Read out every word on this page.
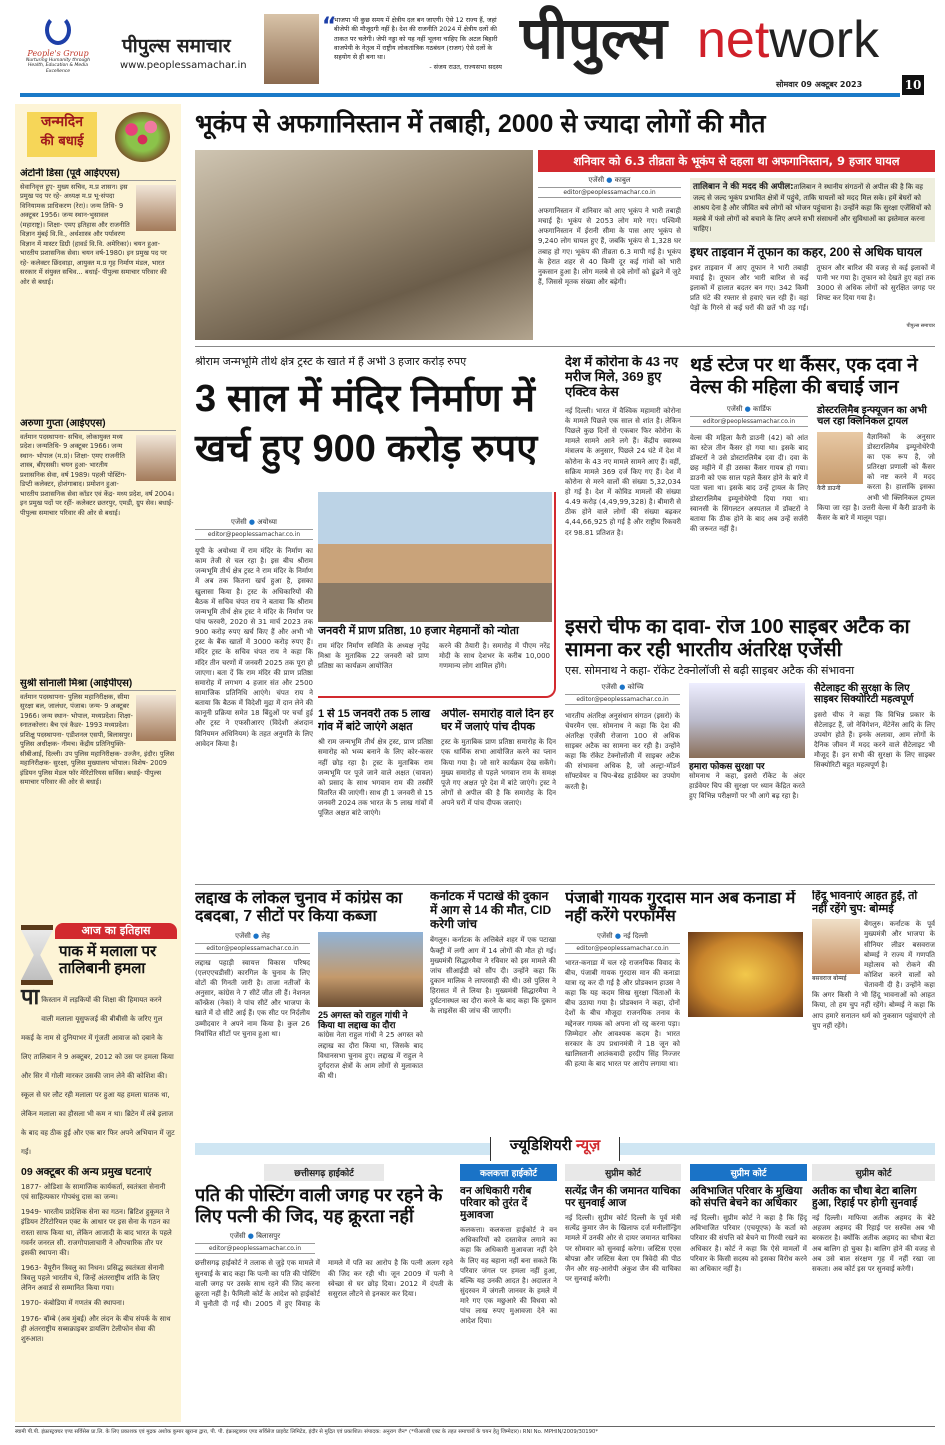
People's Group
Nurturing Humanity through Health, Education & Media Excellence
पीपुल्स समाचार
www.peoplessamachar.in
“
भाजपा भी कुछ समय में क्षेत्रीय दल बन जाएगी। ऐसे 12 राज्य हैं, जहां बीजेपी की मौजूदगी नहीं है। देश की राजनीति 2024 में क्षेत्रीय दलों की ताकत पर चलेगी। जेपी नड्डा को यह नहीं भूलना चाहिए कि अटल बिहारी वाजपेयी के नेतृत्व में राष्ट्रीय लोकतांत्रिक गठबंधन (राजग) ऐसे दलों के सहयोग से ही बना था।
- संजय राउत, राज्यसभा सदस्य पीपुल्स network
सोमवार 09 अक्टूबर 2023	10
जन्मदिन
की बधाई
अंटोनी डिसा (पूर्व आईएएस)
सेवानिवृत्त हुए- मुख्य सचिव, म.प्र शासन। इस प्रमुख पद पर रहे- अध्यक्ष म.प्र भू-संपदा विनियामक प्राधिकरण (रेरा)। जन्म तिथि- 9 अक्टूबर 1956। जन्म स्थान-भुसावल (महाराष्ट्र)। शिक्षा- एमए इतिहास और राजनीति विज्ञान मुंबई वि.वि., अर्थशास्त्र और पर्यावरण विज्ञान में मास्टर डिग्री (हावर्ड वि.वि. अमेरिका)। चयन हुआ-भारतीय प्रशासनिक सेवा। चयन वर्ष-1980। इन प्रमुख पद पर रहे- कलेक्टर छिंदवाड़ा, आयुक्त म.प्र गृह निर्माण मंडल, भारत सरकार में संयुक्त सचिव... बधाई- पीपुल्स समाचार परिवार की ओर से बधाई।
अरुणा गुप्ता (आईएएस)
वर्तमान पदस्थापना- सचिव, लोकायुक्त मध्य प्रदेश। जन्मतिथि- 9 अक्टूबर 1966। जन्म स्थान- भोपाल (म.प्र)। शिक्षा- एमए राजनीति शास्त्र, बीएससी। चयन हुआ- भारतीय प्रशासनिक सेवा, वर्ष 1989। पहली पोस्टिंग- डिप्टी कलेक्टर, होशंगाबाद। प्रमोशन हुआ- भारतीय प्रशासनिक सेवा कॉडर एवं केंद्र- मध्य प्रदेश, वर्ष 2004। इन प्रमुख पदों पर रहीं- कलेक्टर छतरपुर, एमडी, ग्रुप सेव। बधाई- पीपुल्स समाचार परिवार की ओर से बधाई।
सुश्री सोनाली मिश्रा (आईपीएस)
वर्तमान पदस्थापना- पुलिस महानिरीक्षक, सीमा सुरक्षा बल, जालंधर, पंजाब। जन्म- 9 अक्टूबर 1966। जन्म स्थान- भोपाल, मध्यप्रदेश। शिक्षा- स्नातकोत्तर। बैच एवं कैडर- 1993 मध्यप्रदेश। प्रशिक्षु पदस्थापना- एडीशनल एसपी, बिलासपुर। पुलिस अधीक्षक- नीमच। केंद्रीय प्रतिनियुक्ति- सीबीआई, दिल्ली। उप पुलिस महानिरीक्षक- उज्जैन, इंदौर। पुलिस महानिरीक्षक- सुरक्षा, पुलिस मुख्यालय भोपाल। विशेष- 2009 इंडियन पुलिस मेडल फॉर मेरिटोरियस सर्विस। बधाई- पीपुल्स समाचार परिवार की ओर से बधाई।
आज का इतिहास
पाक में मलाला पर तालिबानी हमला
पा किस्तान में लड़कियों की शिक्षा की हिमायत करने वाली मलाला यूसुफजई की बीबीसी के जरिए गुल मकई के नाम से दुनियाभर में गूंजती आवाज को दबाने के लिए तालिबान ने 9 अक्टूबर, 2012 को उस पर हमला किया और सिर में गोली मारकर उसकी जान लेने की कोशिश की। स्कूल से घर लौट रही मलाला पर हुआ यह हमला घातक था, लेकिन मलाला का हौसला भी कम न था। ब्रिटेन में लंबे इलाज के बाद वह ठीक हुई और एक बार फिर अपने अभियान में जुट गईं।
09 अक्टूबर की अन्य प्रमुख घटनाएं
1877- ओडिशा के सामाजिक कार्यकर्ता, स्वतंत्रता सेनानी एवं साहित्यकार गोपबंधु दास का जन्म।
1949- भारतीय प्रादेशिक सेना का गठन। ब्रिटिश हुकूमत ने इंडियन टेरिटोरियल एक्ट के आधार पर इस सेना के गठन का रास्ता साफ किया था, लेकिन आजादी के बाद भारत के पहले गवर्नर जनरल सी. राजगोपालाचारी ने औपचारिक तौर पर इसकी स्थापना की।
1963- वैयूरीन त्रिवलु का निधन। प्रसिद्ध स्वतंत्रता सेनानी त्रिवलु पहले भारतीय थे, जिन्हें अंतरराष्ट्रीय शांति के लिए लेनिन अवार्ड से सम्मानित किया गया।
1970- कंबोडिया में गणतंत्र की स्थापना।
1976- बॉम्बे (अब मुंबई) और लंदन के बीच संपर्क के साथ ही अंतरराष्ट्रीय सब्सक्राइबर डायलिंग टेलीफोन सेवा की शुरुआत।
भूकंप से अफगानिस्तान में तबाही, 2000 से ज्यादा लोगों की मौत
शनिवार को 6.3 तीव्रता के भूकंप से दहला था अफगानिस्तान, 9 हजार घायल
एजेंसी ● काबुल
editor@peoplessamachar.co.in
अफगानिस्तान में शनिवार को आए भूकंप ने भारी तबाही मचाई है। भूकंप से 2053 लोग मारे गए। पश्चिमी अफगानिस्तान में ईरानी सीमा के पास आए भूकंप से 9,240 लोग घायल हुए हैं, जबकि भूकंप से 1,328 घर तबाह हो गए। भूकंप की तीव्रता 6.3 मापी गई है। भूकंप के हेरात शहर से 40 किमी दूर कई गांवों को भारी नुकसान हुआ है। लोग मलबे से दबे लोगों को ढूंढने में जुटे हैं, जिससे मृतक संख्या और बढ़ेगी।
तालिबान ने की मदद की अपील:तालिबान ने स्थानीय संगठनों से अपील की है कि वह जल्द से जल्द भूकंप प्रभावित क्षेत्रों में पहुंचे, ताकि घायलों को मदद मिल सके। हमें बेघरों को आश्रय देना है और जीवित बचे लोगों को भोजन पहुंचाना है। उन्होंने कहा कि सुरक्षा एजेंसियों को मलबे में फंसे लोगों को बचाने के लिए अपने सभी संसाधनों और सुविधाओं का इस्तेमाल करना चाहिए।
इधर ताइवान में तूफान का कहर, 200 से अधिक घायल
इधर ताइवान में आए तूफान ने भारी तबाही मचाई है। तूफान और भारी बारिश से कई इलाकों में हालात बदतर बन गए। 342 किमी प्रति घंटे की रफ्तार से हवाएं चल रही हैं। वहां पेड़ों के गिरने से कई घरों की छतें भी उड़ गईं। तूफान और बारिश की वजह से कई इलाकों में पानी भर गया है। तूफान को देखते हुए वहां तक 3000 से अधिक लोगों को सुरक्षित जगह पर शिफ्ट कर दिया गया है।
पीपुल्स समाचार
श्रीराम जन्मभूमि तीर्थ क्षेत्र ट्रस्ट के खाते में हैं अभी 3 हजार करोड़ रुपए
3 साल में मंदिर निर्माण में
खर्च हुए 900 करोड़ रुपए
एजेंसी ● अयोध्या
editor@peoplessamachar.co.in
यूपी के अयोध्या में राम मंदिर के निर्माण का काम तेजी से चल रहा है। इस बीच श्रीराम जन्मभूमि तीर्थ क्षेत्र ट्रस्ट ने राम मंदिर के निर्माण में अब तक कितना खर्च हुआ है, इसका खुलासा किया है। ट्रस्ट के अधिकारियों की बैठक में सचिव चंपत राय ने बताया कि श्रीराम जन्मभूमि तीर्थ क्षेत्र ट्रस्ट ने मंदिर के निर्माण पर पांच फरवरी, 2020 से 31 मार्च 2023 तक 900 करोड़ रुपए खर्च किए हैं और अभी भी ट्रस्ट के बैंक खातों में 3000 करोड़ रुपए हैं। मंदिर ट्रस्ट के सचिव चंपत राय ने कहा कि मंदिर तीन चरणों में जनवरी 2025 तक पूरा हो जाएगा। बता दें कि राम मंदिर की प्राण प्रतिष्ठा समारोह में लगभग 4 हजार संत और 2500 सामाजिक प्रतिनिधि आएंगे। चंपत राय ने बताया कि बैठक में विदेशी मुद्रा में दान लेने की कानूनी प्रक्रिया समेत 18 बिंदुओं पर चर्चा हुई और ट्रस्ट ने एफसीआरए (विदेशी अंशदान विनियमन अधिनियम) के तहत अनुमति के लिए आवेदन किया है।
जनवरी में प्राण प्रतिष्ठा, 10 हजार मेहमानों को न्योता
राम मंदिर निर्माण समिति के अध्यक्ष नृपेंद्र मिश्रा के मुताबिक 22 जनवरी को प्राण प्रतिष्ठा का कार्यक्रम आयोजित
करने की तैयारी है। समारोह में पीएम नरेंद्र मोदी के साथ देशभर के करीब 10,000 गणमान्य लोग शामिल होंगे।
1 से 15 जनवरी तक 5 लाख गांव में बांटे जाएंगे अक्षत
श्री राम जन्मभूमि तीर्थ क्षेत्र ट्रस्ट, प्राण प्रतिष्ठा समारोह को भव्य बनाने के लिए कोर-कसर नहीं छोड़ रहा है। ट्रस्ट के मुताबिक राम जन्मभूमि पर पूजे जाने वाले अक्षत (चावल) को प्रसाद के साथ भगवान राम की तस्वीरें वितरित की जाएंगी। साथ ही 1 जनवरी से 15 जनवरी 2024 तक भारत के 5 लाख गांवों में पूजित अक्षत बांटे जाएंगे।
अपील- समारोह वाले दिन हर घर में जलाएं पांच दीपक
ट्रस्ट के मुताबिक प्राण प्रतिष्ठा समारोह के दिन एक धार्मिक सभा आयोजित करने का प्लान किया गया है। जो सारे कार्यक्रम देख सकेंगे। मुख्य समारोह से पहले भगवान राम के समक्ष पूजे गए अक्षत पूरे देश में बांटे जाएंगे। ट्रस्ट ने लोगों से अपील की है कि समारोह के दिन अपने घरों में पांच दीपक जलाएं।
देश में कोरोना के 43 नए मरीज मिले, 369 हुए एक्टिव केस
नई दिल्ली। भारत में वैश्विक महामारी कोरोना के मामले पिछले एक साल से शांत है। लेकिन पिछले कुछ दिनों से एकबार फिर कोरोना के मामले सामने आने लगे हैं। केंद्रीय स्वास्थ्य मंत्रालय के अनुसार, पिछले 24 घंटे में देश में कोरोना के 43 नए मामले सामने आए हैं। वहीं, सक्रिय मामले 369 दर्ज किए गए हैं। देश में कोरोना से मरने वालों की संख्या 5,32,034 हो गई है। देश में कोविड मामलों की संख्या 4.49 करोड़ (4,49,99,328) है। बीमारी से ठीक होने वाले लोगों की संख्या बढ़कर 4,44,66,925 हो गई है और राष्ट्रीय रिकवरी दर 98.81 प्रतिशत है।
थर्ड स्टेज पर था कैंसर, एक दवा ने वेल्स की महिला की बचाई जान
एजेंसी ● कार्डिफ
editor@peoplessamachar.co.in
वेल्स की महिला कैरी डाउनी (42) को आंत का स्टेज तीन कैंसर हो गया था। इसके बाद डॉक्टरों ने उसे डोस्टारलिमैब दवा दी। दवा के छह महीने में ही उसका कैंसर गायब हो गया। डाउनी को एक साल पहले कैंसर होने के बारे में पता चला था। इसके बाद उन्हें ट्रायल के लिए डोस्टारलिमैब इम्यूनोथेरेपी दिया गया था। स्वानसी के सिंगलटन अस्पताल में डॉक्टरों ने बताया कि ठीक होने के बाद अब उन्हें सर्जरी की जरूरत नहीं है।
डोस्टरलिमैब इन्फ्यूजन का अभी चल रहा क्लिनिकल ट्रायल
कैरी डाउनी
वैज्ञानिकों के अनुसार डोस्टारलिमैब इम्यूनोथेरेपी का एक रूप है, जो प्रतिरक्षा प्रणाली को कैंसर को नष्ट करने में मदद करता है। हालांकि इसका अभी भी क्लिनिकल ट्रायल किया जा रहा है। उत्तरी वेल्स में कैरी डाउनी के कैंसर के बारे में मालूम पड़ा।
इसरो चीफ का दावा- रोज 100 साइबर अटैक का सामना कर रही भारतीय अंतरिक्ष एजेंसी
एस. सोमनाथ ने कहा- रॉकेट टेक्नोलॉजी से बढ़ी साइबर अटैक की संभावना
एजेंसी ● कोच्चि
editor@peoplessamachar.co.in
भारतीय अंतरिक्ष अनुसंधान संगठन (इसरो) के चेयरमैन एस. सोमनाथ ने कहा कि देश की अंतरिक्ष एजेंसी रोजाना 100 से अधिक साइबर अटैक का सामना कर रही है। उन्होंने कहा कि रॉकेट टेक्नोलॉजी में साइबर अटैक की संभावना अधिक है, जो अल्ट्रा-मॉडर्न सॉफ्टवेयर व चिप-बेस्ड हार्डवेयर का उपयोग करती है।
हमारा फोकस सुरक्षा पर
सोमनाथ ने कहा, इसरो रॉकेट के अंदर हार्डवेयर चिप की सुरक्षा पर ध्यान केंद्रित करते हुए विभिन्न परीक्षणों पर भी आगे बढ़ रहा है।
सैटेलाइट की सुरक्षा के लिए साइबर सिक्योरिटी महत्वपूर्ण
इसरो चीफ ने कहा कि विभिन्न प्रकार के सैटेलाइट हैं, जो नेविगेशन, मेंटेनेंस आदि के लिए उपयोग होते हैं। इनके अलावा, आम लोगों के दैनिक जीवन में मदद करने वाले सैटेलाइट भी मौजूद हैं। इन सभी की सुरक्षा के लिए साइबर सिक्योरिटी बहुत महत्वपूर्ण है।
लद्दाख के लोकल चुनाव में कांग्रेस का दबदबा, 7 सीटों पर किया कब्जा
एजेंसी ● लेह
editor@peoplessamachar.co.in
लद्दाख पहाड़ी स्वायत्त विकास परिषद (एलएएचडीसी) कारगिल के चुनाव के लिए वोटों की गिनती जारी है। ताजा नतीजों के अनुसार, कांग्रेस ने 7 सीटें जीत ली हैं। नेशनल कॉन्फ्रेंस (नेकां) ने पांच सीटें और भाजपा के खाते में दो सीटें आई हैं। एक सीट पर निर्दलीय उम्मीदवार ने अपने नाम किया है। कुल 26 निर्वाचित सीटों पर चुनाव हुआ था।
25 अगस्त को राहुल गांधी ने किया था लद्दाख का दौरा
कांग्रेस नेता राहुल गांधी ने 25 अगस्त को लद्दाख का दौरा किया था, जिसके बाद विधानसभा चुनाव हुए। लद्दाख में राहुल ने दुर्गदराज क्षेत्रों के आम लोगों से मुलाकात की थी।
कर्नाटक में पटाखे की दुकान में आग से 14 की मौत, CID करेगी जांच
बेंगलुरु। कर्नाटक के अत्तिबेले शहर में एक पटाखा फैक्ट्री में लगी आग में 14 लोगों की मौत हो गई। मुख्यमंत्री सिद्धारमैया ने रविवार को इस मामले की जांच सीआईडी को सौंप दी। उन्होंने कहा कि दुकान मालिक ने लापरवाही की थी। उसे पुलिस ने हिरासत में ले लिया है। मुख्यमंत्री सिद्धारमैया ने दुर्घटनास्थल का दौरा करने के बाद कहा कि दुकान के लाइसेंस की जांच की जाएगी।
पंजाबी गायक गुरदास मान अब कनाडा में नहीं करेंगे परफॉर्मेंस
एजेंसी ● नई दिल्ली
editor@peoplessamachar.co.in
भारत-कनाडा में चल रहे राजनयिक विवाद के बीच, पंजाबी गायक गुरदास मान की कनाडा यात्रा रद्द कर दी गई है और प्रोडक्शन हाउस ने कहा कि यह कदम सिख सुरक्षा चिंताओं के बीच उठाया गया है। प्रोडक्शन ने कहा, दोनों देशों के बीच मौजूदा राजनयिक तनाव के मद्देनजर गायक को अपना शो रद्द करना पड़ा। जिम्मेदार और आवश्यक कदम है। भारत सरकार के उप प्रधानमंत्री ने 18 जून को खालिस्तानी आतंकवादी हरदीप सिंह निज्जर की हत्या के बाद भारत पर आरोप लगाया था।
हिंदू भावनाएं आहत हुईं, तो नहीं रहेंगे चुप: बोम्मई
बसवराज बोम्मई
बेंगलुरु। कर्नाटक के पूर्व मुख्यमंत्री और भाजपा के सीनियर लीडर बसवराज बोम्मई ने राज्य में गणपति महोत्सव को रोकने की कोशिश करने वालों को चेतावनी दी है। उन्होंने कहा कि अगर किसी ने भी हिंदू भावनाओं को आहत किया, तो हम चुप नहीं रहेंगे। बोम्मई ने कहा कि आप हमारे सनातन धर्म को नुकसान पहुंचाएंगे तो चुप नहीं रहेंगे।
ज्यूडिशियरी न्यूज़
छत्तीसगढ़ हाईकोर्ट
पति की पोस्टिंग वाली जगह पर रहने के लिए पत्नी की जिद, यह क्रूरता नहीं
एजेंसी ● बिलासपुर
editor@peoplessamachar.co.in
छत्तीसगढ़ हाईकोर्ट ने तलाक से जुड़े एक मामले में सुनवाई के बाद कहा कि पत्नी का पति की पोस्टिंग वाली जगह पर उसके साथ रहने की जिद करना क्रूरता नहीं है। फैमिली कोर्ट के आदेश को हाईकोर्ट में चुनौती दी गई थी। 2005 में हुए विवाह के मामले में पति का आरोप है कि पत्नी अलग रहने की जिद कर रही थी। जून 2009 में पत्नी ने स्वेच्छा से घर छोड़ दिया। 2012 में दंपती के ससुराल लौटने से इनकार कर दिया।
कलकत्ता हाईकोर्ट
वन अधिकारी गरीब परिवार को तुरंत दें मुआवजा
कलकत्ता। कलकत्ता हाईकोर्ट ने वन अधिकारियों को दस्तावेज लगाने का कहा कि अधिकारी मुआवजा नहीं देने के लिए वह बहाना नहीं बना सकते कि परिवार जंगल पर हमला नहीं हुआ, बल्कि यह उनकी आदत है। अदालत ने सुंदरवन में जंगली जानवर के हमले में मारे गए एक मछुआरे की विधवा को पांच लाख रुपए मुआवजा देने का आदेश दिया।
सुप्रीम कोर्ट
सत्येंद्र जैन की जमानत याचिका पर सुनवाई आज
नई दिल्ली। सुप्रीम कोर्ट दिल्ली के पूर्व मंत्री सत्येंद्र कुमार जैन के खिलाफ दर्ज मनीलॉन्ड्रिंग मामले में उनकी ओर से दायर जमानत याचिका पर सोमवार को सुनवाई करेगा। जस्टिस एएस बोपन्ना और जस्टिस बेला एम त्रिवेदी की पीठ जैन और सह-आरोपी अंकुश जैन की याचिका पर सुनवाई करेगी।
सुप्रीम कोर्ट
अविभाजित परिवार के मुखिया को संपत्ति बेचने का अधिकार
नई दिल्ली। सुप्रीम कोर्ट ने कहा है कि हिंदू अविभाजित परिवार (एचयूएफ) के कर्ता को परिवार की संपत्ति को बेचने या गिरवी रखने का अधिकार है। कोर्ट ने कहा कि ऐसे मामलों में परिवार के किसी सदस्य को इसका विरोध करने का अधिकार नहीं है।
सुप्रीम कोर्ट
अतीक का चौथा बेटा बालिग हुआ, रिहाई पर होगी सुनवाई
नई दिल्ली। माफिया अतीक अहमद के बेटे अहजम अहमद की रिहाई पर सस्पेंस अब भी बरकरार है। क्योंकि अतीक अहमद का चौथा बेटा अब बालिग हो चुका है। बालिग होने की वजह से अब उसे बाल संरक्षण गृह में नहीं रखा जा सकता। अब कोर्ट इस पर सुनवाई करेगी।
स्वामी पी.पी. इंफ्रास्ट्रक्चर एण्ड सर्विसेस प्रा.लि. के लिए प्रकाशक एवं मुद्रक अशोक कुमार खुराना द्वारा, पी. पी. इंफ्रास्ट्रक्चर एण्ड सर्विसेज प्राइवेट लिमिटेड, इंदौर से मुद्रित एवं प्रकाशित। संपादक: अनुराग जैन* (*पीआरबी एक्ट के तहत समाचारों के चयन हेतु जिम्मेदार)। RNI No. MPHIN/2009/30190*
